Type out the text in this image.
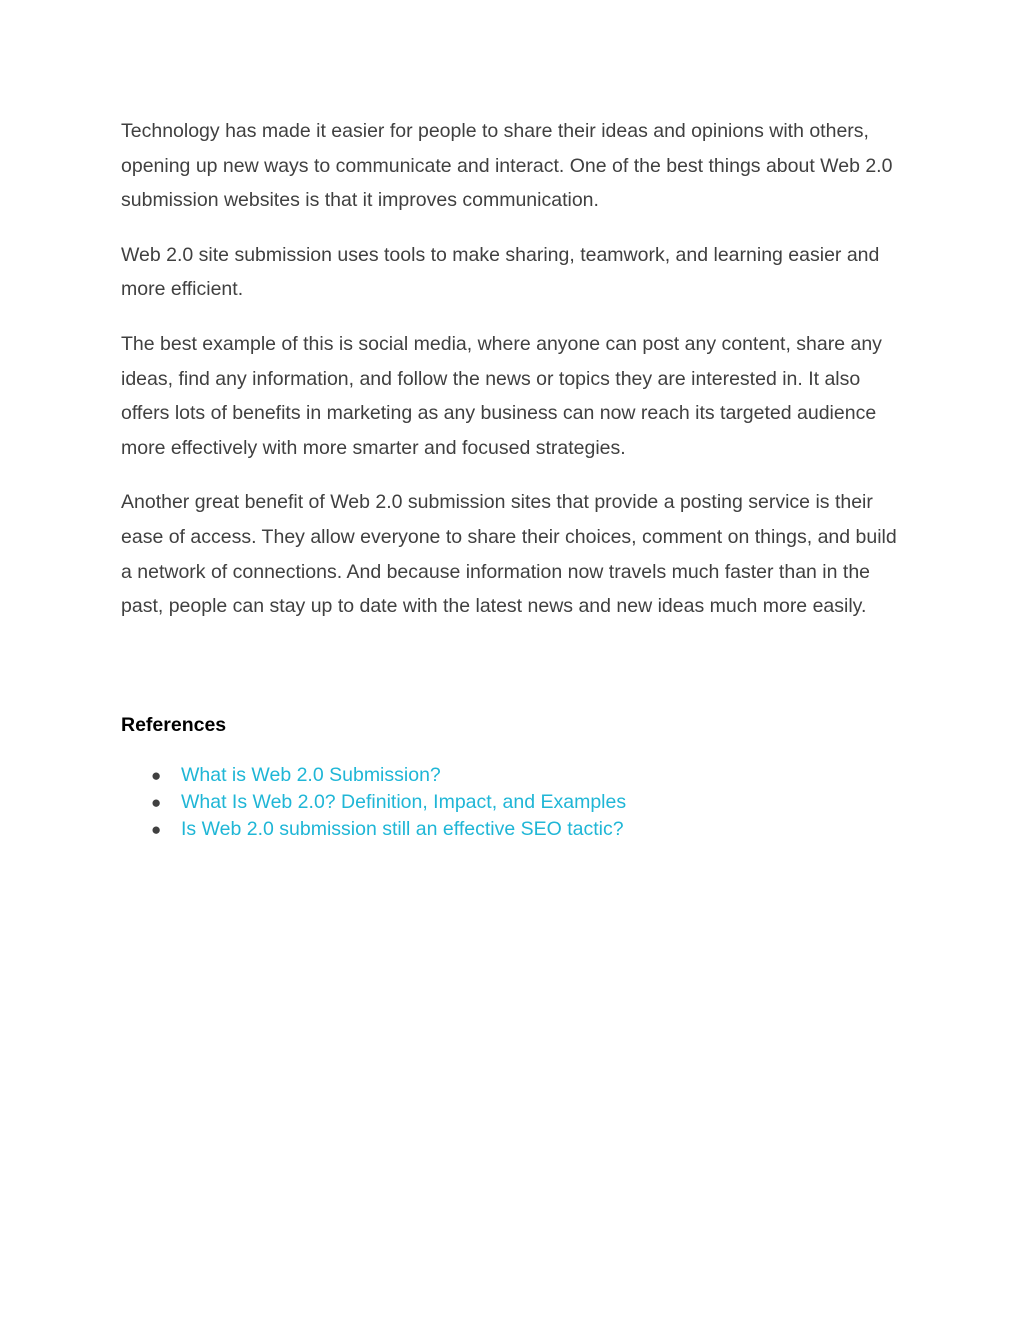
Technology has made it easier for people to share their ideas and opinions with others, opening up new ways to communicate and interact. One of the best things about Web 2.0 submission websites is that it improves communication.

Web 2.0 site submission uses tools to make sharing, teamwork, and learning easier and more efficient.

The best example of this is social media, where anyone can post any content, share any ideas, find any information, and follow the news or topics they are interested in. It also offers lots of benefits in marketing as any business can now reach its targeted audience more effectively with more smarter and focused strategies.

Another great benefit of Web 2.0 submission sites that provide a posting service is their ease of access. They allow everyone to share their choices, comment on things, and build a network of connections. And because information now travels much faster than in the past, people can stay up to date with the latest news and new ideas much more easily.

References
● What is Web 2.0 Submission?
● What Is Web 2.0? Definition, Impact, and Examples
● Is Web 2.0 submission still an effective SEO tactic?
